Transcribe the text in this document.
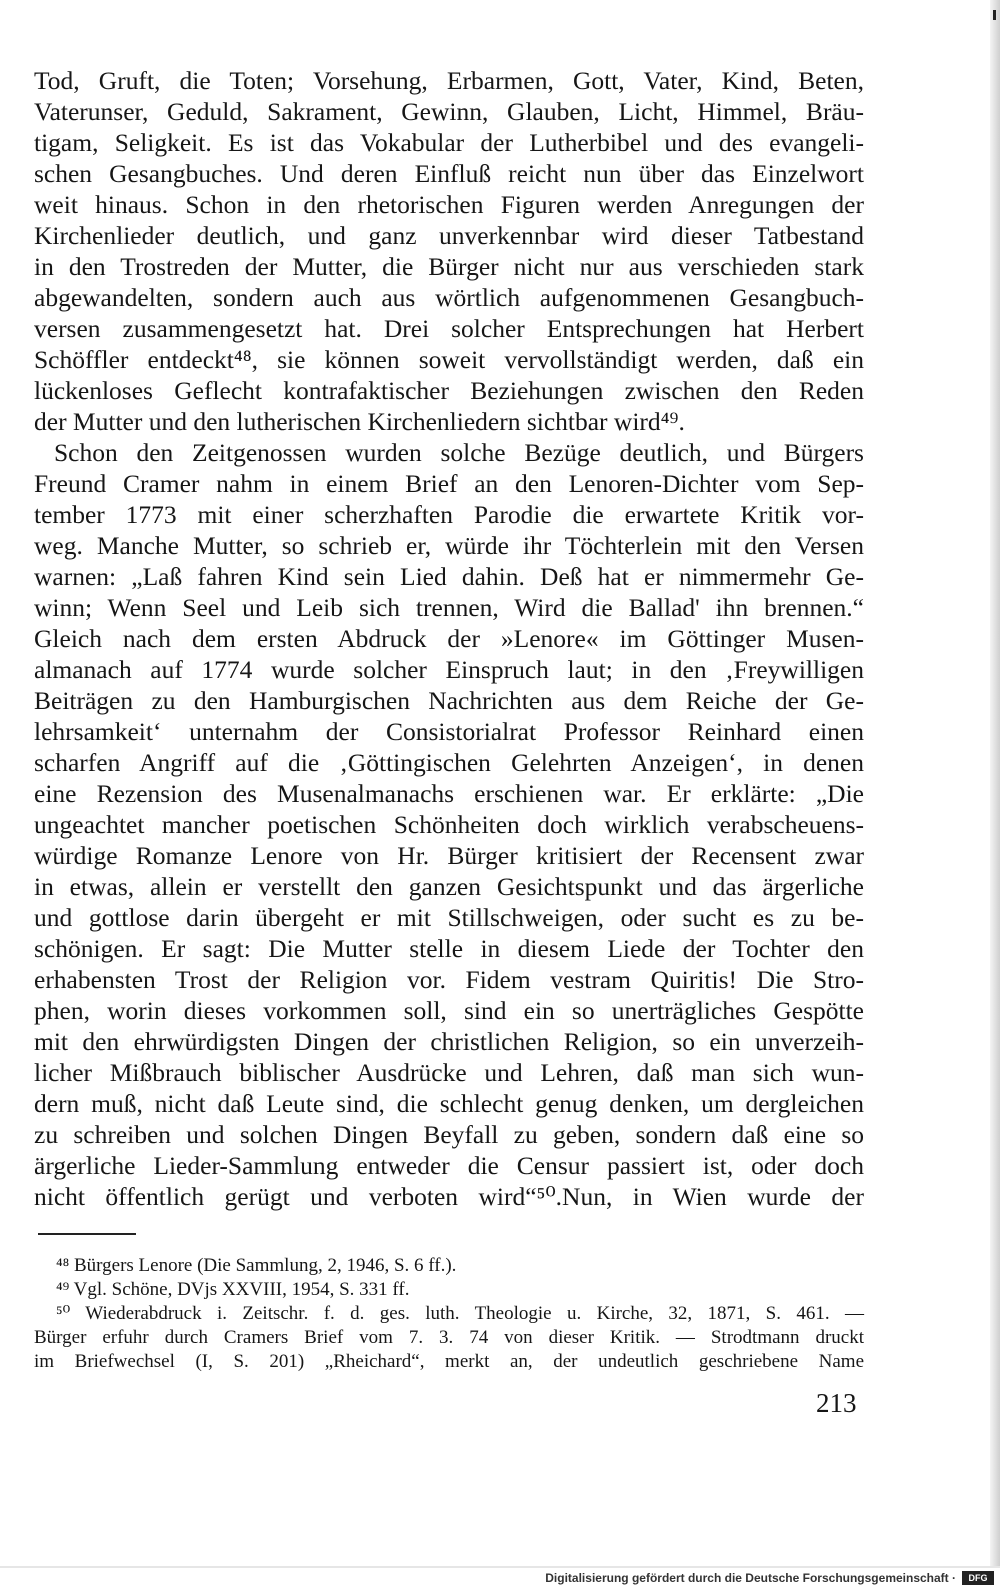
Tod, Gruft, die Toten; Vorsehung, Erbarmen, Gott, Vater, Kind, Beten,
Vaterunser, Geduld, Sakrament, Gewinn, Glauben, Licht, Himmel, Bräu-
tigam, Seligkeit. Es ist das Vokabular der Lutherbibel und des evangeli-
schen Gesangbuches. Und deren Einfluß reicht nun über das Einzelwort
weit hinaus. Schon in den rhetorischen Figuren werden Anregungen der
Kirchenlieder deutlich, und ganz unverkennbar wird dieser Tatbestand
in den Trostreden der Mutter, die Bürger nicht nur aus verschieden stark
abgewandelten, sondern auch aus wörtlich aufgenommenen Gesangbuch-
versen zusammengesetzt hat. Drei solcher Entsprechungen hat Herbert
Schöffler entdeckt⁴⁸, sie können soweit vervollständigt werden, daß ein
lückenloses Geflecht kontrafaktischer Beziehungen zwischen den Reden
der Mutter und den lutherischen Kirchenliedern sichtbar wird⁴⁹.
Schon den Zeitgenossen wurden solche Bezüge deutlich, und Bürgers
Freund Cramer nahm in einem Brief an den Lenoren-Dichter vom Sep-
tember 1773 mit einer scherzhaften Parodie die erwartete Kritik vor-
weg. Manche Mutter, so schrieb er, würde ihr Töchterlein mit den Versen
warnen: „Laß fahren Kind sein Lied dahin. Deß hat er nimmermehr Ge-
winn; Wenn Seel und Leib sich trennen, Wird die Ballad' ihn brennen.“
Gleich nach dem ersten Abdruck der »Lenore« im Göttinger Musen-
almanach auf 1774 wurde solcher Einspruch laut; in den ‚Freywilligen
Beiträgen zu den Hamburgischen Nachrichten aus dem Reiche der Ge-
lehrsamkeit‘ unternahm der Consistorialrat Professor Reinhard einen
scharfen Angriff auf die ‚Göttingischen Gelehrten Anzeigen‘, in denen
eine Rezension des Musenalmanachs erschienen war. Er erklärte: „Die
ungeachtet mancher poetischen Schönheiten doch wirklich verabscheuens-
würdige Romanze Lenore von Hr. Bürger kritisiert der Recensent zwar
in etwas, allein er verstellt den ganzen Gesichtspunkt und das ärgerliche
und gottlose darin übergeht er mit Stillschweigen, oder sucht es zu be-
schönigen. Er sagt: Die Mutter stelle in diesem Liede der Tochter den
erhabensten Trost der Religion vor. Fidem vestram Quiritis! Die Stro-
phen, worin dieses vorkommen soll, sind ein so unerträgliches Gespötte
mit den ehrwürdigsten Dingen der christlichen Religion, so ein unverzeih-
licher Mißbrauch biblischer Ausdrücke und Lehren, daß man sich wun-
dern muß, nicht daß Leute sind, die schlecht genug denken, um dergleichen
zu schreiben und solchen Dingen Beyfall zu geben, sondern daß eine so
ärgerliche Lieder-Sammlung entweder die Censur passiert ist, oder doch
nicht öffentlich gerügt und verboten wird“⁵⁰.Nun, in Wien wurde der
⁴⁸ Bürgers Lenore (Die Sammlung, 2, 1946, S. 6 ff.).
⁴⁹ Vgl. Schöne, DVjs XXVIII, 1954, S. 331 ff.
⁵⁰ Wiederabdruck i. Zeitschr. f. d. ges. luth. Theologie u. Kirche, 32, 1871, S. 461. —
Bürger erfuhr durch Cramers Brief vom 7. 3. 74 von dieser Kritik. — Strodtmann druckt
im Briefwechsel (I, S. 201) „Rheichard“, merkt an, der undeutlich geschriebene Name
213
Digitalisierung gefördert durch die Deutsche Forschungsgemeinschaft ·	DFG
